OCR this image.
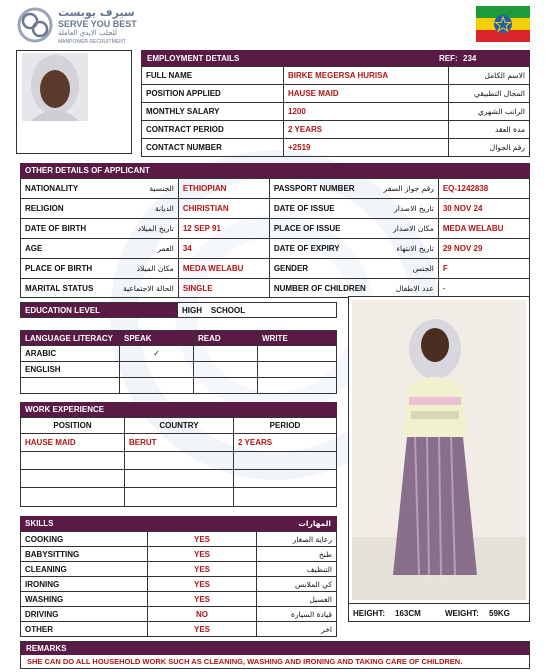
سيرف يوبست
SERVE YOU BEST
للجلب الايدي العاملة
MANPOWER RECRUITMENT
EMPLOYMENT DETAILS	REF: 234
FULL NAME	BIRKE MEGERSA HURISA	الاسم الكامل
POSITION APPLIED	HAUSE MAID	المجال التطبيقي
MONTHLY SALARY	1200	الراتب الشهري
CONTRACT PERIOD	2 YEARS	مدة العقد
CONTACT NUMBER	+2519	رقم الجوال
OTHER DETAILS OF APPLICANT
NATIONALITY	الجنسية	ETHIOPIAN	PASSPORT NUMBER	رقم جواز السفر	EQ-1242838
RELIGION	الديانة	CHIRISTIAN	DATE OF ISSUE	تاريخ الاصدار	30 NOV 24
DATE OF BIRTH	تاريخ الميلاد	12 SEP 91	PLACE OF ISSUE	مكان الاصدار	MEDA WELABU
AGE	العمر	34	DATE OF EXPIRY	تاريخ الانتهاء	29 NOV 29
PLACE OF BIRTH	مكان الميلاد	MEDA WELABU	GENDER	الجنس	F
MARITAL STATUS	الحالة الاجتماعية	SINGLE	NUMBER OF CHILDREN	عدد الاطفال	-
HEIGHT: 163CM	WEIGHT: 59KG
EDUCATION LEVEL	HIGH    SCHOOL
LANGUAGE LITERACY	SPEAK	READ	WRITE
ARABIC	✓		
ENGLISH			

WORK EXPERIENCE
POSITION	COUNTRY	PERIOD
HAUSE MAID	BERUT	2 YEARS

SKILLS	المهارات
COOKING	YES	رعاية الصغار
BABYSITTING	YES	طبخ
CLEANING	YES	التنظيف
IRONING	YES	كي الملابس
WASHING	YES	الغسيل
DRIVING	NO	قيادة السيارة
OTHER	YES	اخر
REMARKS
SHE CAN DO ALL HOUSEHOLD WORK SUCH AS CLEANING, WASHING AND IRONING AND TAKING CARE OF CHILDREN.
